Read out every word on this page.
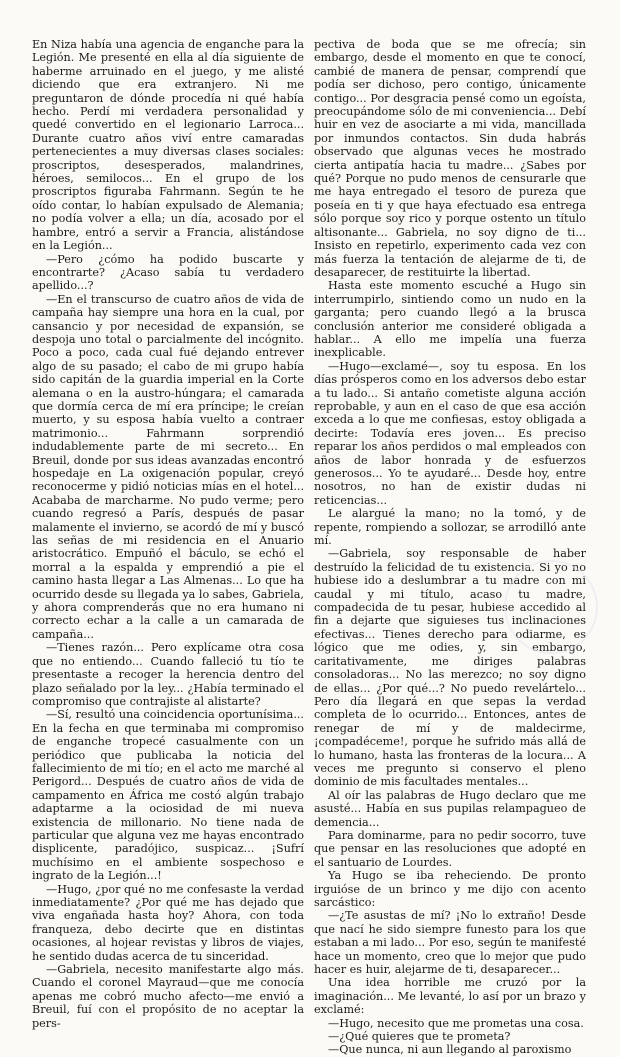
En Niza había una agencia de enganche para la Legión. Me presenté en ella al día siguiente de haberme arruinado en el juego, y me alisté diciendo que era extranjero. Ni me preguntaron de dónde procedía ni qué había hecho. Perdí mi verdadera personalidad y quedé convertido en el legionario Larroca... Durante cuatro años viví entre camaradas pertenecientes a muy diversas clases sociales: proscriptos, desesperados, malandrines, héroes, semilocos... En el grupo de los proscriptos figuraba Fahrmann. Según te he oído contar, lo habían expulsado de Alemania; no podía volver a ella; un día, acosado por el hambre, entró a servir a Francia, alistándose en la Legión...

—Pero ¿cómo ha podido buscarte y encontrarte? ¿Acaso sabía tu verdadero apellido...?

—En el transcurso de cuatro años de vida de campaña hay siempre una hora en la cual, por cansancio y por necesidad de expansión, se despoja uno total o parcialmente del incógnito. Poco a poco, cada cual fué dejando entrever algo de su pasado; el cabo de mi grupo había sido capitán de la guardia imperial en la Corte alemana o en la austro-húngara; el camarada que dormía cerca de mí era príncipe; le creían muerto, y su esposa había vuelto a contraer matrimonio... Fahrmann sorprendió indudablemente parte de mi secreto... En Breuil, donde por sus ideas avanzadas encontró hospedaje en La oxigenación popular, creyó reconocerme y pidió noticias mías en el hotel... Acababa de marcharme. No pudo verme; pero cuando regresó a París, después de pasar malamente el invierno, se acordó de mí y buscó las señas de mi residencia en el Anuario aristocrático. Empuñó el báculo, se echó el morral a la espalda y emprendió a pie el camino hasta llegar a Las Almenas... Lo que ha ocurrido desde su llegada ya lo sabes, Gabriela, y ahora comprenderás que no era humano ni correcto echar a la calle a un camarada de campaña...

—Tienes razón... Pero explícame otra cosa que no entiendo... Cuando falleció tu tío te presentaste a recoger la herencia dentro del plazo señalado por la ley... ¿Había terminado el compromiso que contrajiste al alistarte?

—Sí, resultó una coincidencia oportunísima... En la fecha en que terminaba mi compromiso de enganche tropecé casualmente con un periódico que publicaba la noticia del fallecimiento de mi tío; en el acto me marché al Perigord... Después de cuatro años de vida de campamento en África me costó algún trabajo adaptarme a la ociosidad de mi nueva existencia de millonario. No tiene nada de particular que alguna vez me hayas encontrado displicente, paradójico, suspicaz... ¡Sufrí muchísimo en el ambiente sospechoso e ingrato de la Legión...!

—Hugo, ¿por qué no me confesaste la verdad inmediatamente? ¿Por qué me has dejado que viva engañada hasta hoy? Ahora, con toda franqueza, debo decirte que en distintas ocasiones, al hojear revistas y libros de viajes, he sentido dudas acerca de tu sinceridad.

—Gabriela, necesito manifestarte algo más. Cuando el coronel Mayraud—que me conocía apenas me cobró mucho afecto—me envió a Breuil, fuí con el propósito de no aceptar la pers-

pectiva de boda que se me ofrecía; sin embargo, desde el momento en que te conocí, cambié de manera de pensar, comprendí que podía ser dichoso, pero contigo, únicamente contigo... Por desgracia pensé como un egoísta, preocupándome sólo de mi conveniencia... Debí huir en vez de asociarte a mi vida, mancillada por inmundos contactos. Sin duda habrás observado que algunas veces he mostrado cierta antipatía hacia tu madre... ¿Sabes por qué? Porque no pudo menos de censurarle que me haya entregado el tesoro de pureza que poseía en ti y que haya efectuado esa entrega sólo porque soy rico y porque ostento un título altisonante... Gabriela, no soy digno de ti... Insisto en repetirlo, experimento cada vez con más fuerza la tentación de alejarme de ti, de desaparecer, de restituirte la libertad.

Hasta este momento escuché a Hugo sin interrumpirlo, sintiendo como un nudo en la garganta; pero cuando llegó a la brusca conclusión anterior me consideré obligada a hablar... A ello me impelía una fuerza inexplicable.

—Hugo—exclamé—, soy tu esposa. En los días prósperos como en los adversos debo estar a tu lado... Si antaño cometiste alguna acción reprobable, y aun en el caso de que esa acción exceda a lo que me confiesas, estoy obligada a decirte: Todavía eres joven... Es preciso reparar los años perdidos o mal empleados con años de labor honrada y de esfuerzos generosos... Yo te ayudaré... Desde hoy, entre nosotros, no han de existir dudas ni reticencias...

Le alargué la mano; no la tomó, y de repente, rompiendo a sollozar, se arrodilló ante mí.

—Gabriela, soy responsable de haber destruído la felicidad de tu existencia. Si yo no hubiese ido a deslumbrar a tu madre con mi caudal y mi título, acaso tu madre, compadecida de tu pesar, hubiese accedido al fin a dejarte que siguieses tus inclinaciones efectivas... Tienes derecho para odiarme, es lógico que me odies, y, sin embargo, caritativamente, me diriges palabras consoladoras... No las merezco; no soy digno de ellas... ¿Por qué...? No puedo revelártelo... Pero día llegará en que sepas la verdad completa de lo ocurrido... Entonces, antes de renegar de mí y de maldecirme, ¡compadéceme!, porque he sufrido más allá de lo humano, hasta las fronteras de la locura... A veces me pregunto si conservo el pleno dominio de mis facultades mentales...

Al oír las palabras de Hugo declaro que me asusté... Había en sus pupilas relampagueo de demencia...

Para dominarme, para no pedir socorro, tuve que pensar en las resoluciones que adopté en el santuario de Lourdes.

Ya Hugo se iba reheciendo. De pronto irguióse de un brinco y me dijo con acento sarcástico:

—¿Te asustas de mí? ¡No lo extraño! Desde que nací he sido siempre funesto para los que estaban a mi lado... Por eso, según te manifesté hace un momento, creo que lo mejor que pudo hacer es huir, alejarme de ti, desaparecer...

Una idea horrible me cruzó por la imaginación... Me levanté, lo así por un brazo y exclamé:

—Hugo, necesito que me prometas una cosa.

—¿Qué quieres que te prometa?

—Que nunca, ni aun llegando al paroxismo
